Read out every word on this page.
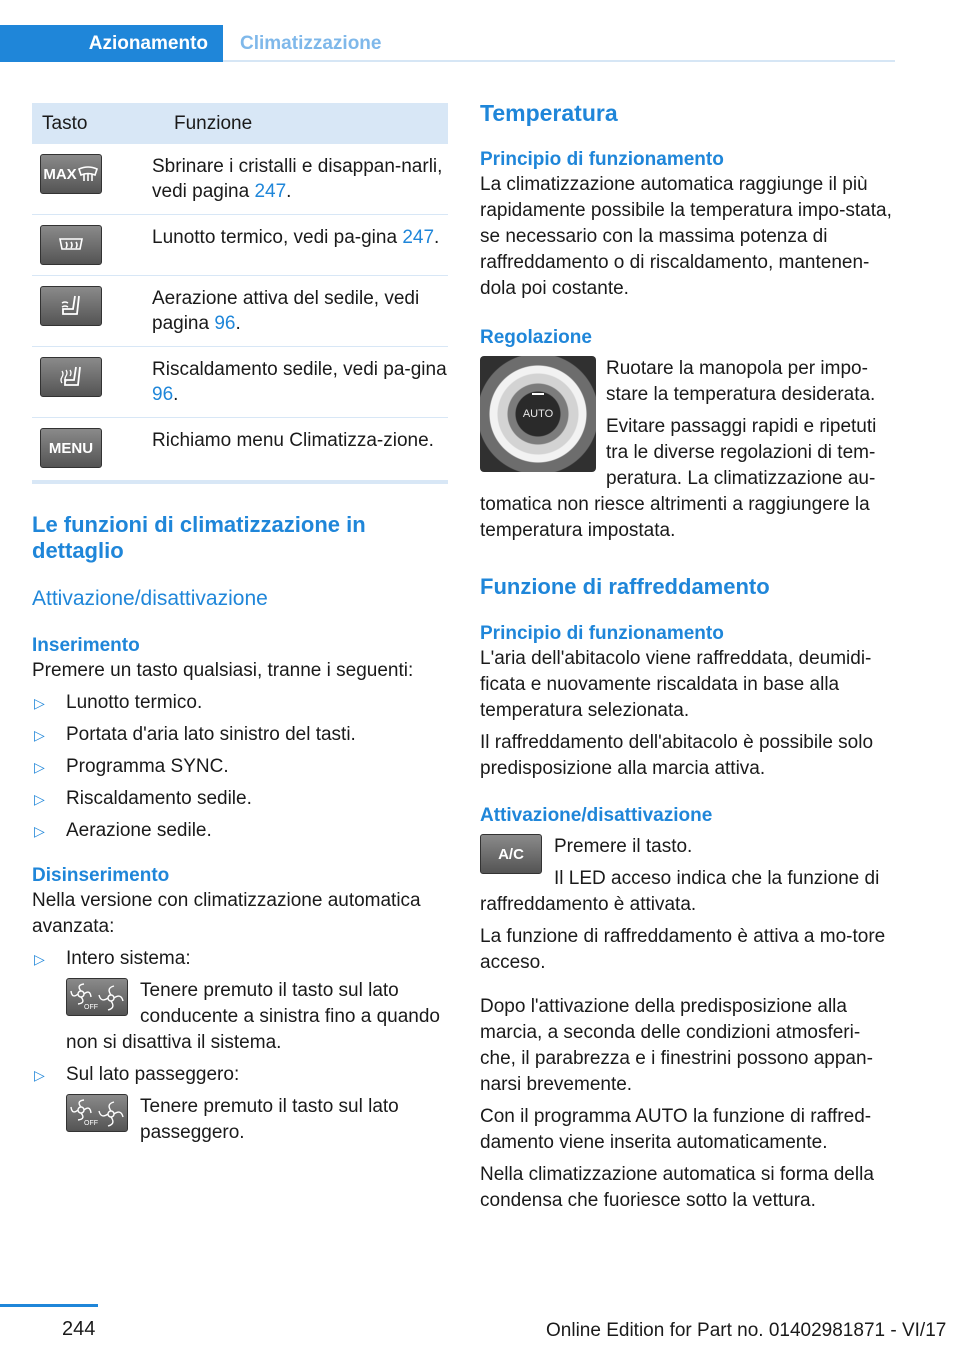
Azionamento	Climatizzazione
Tasto	Funzione

MAX	Sbrinare i cristalli e disappan-narli, vedi pagina 247.

	Lunotto termico, vedi pa-gina 247.

	Aerazione attiva del sedile, vedi pagina 96.

	Riscaldamento sedile, vedi pa-gina 96.

MENU	Richiamo menu Climatizza-zione.
Le funzioni di climatizzazione in dettaglio
Attivazione/disattivazione
Inserimento

Premere un tasto qualsiasi, tranne i seguenti:

▷ Lunotto termico.
▷ Portata d'aria lato sinistro del tasti.
▷ Programma SYNC.
▷ Riscaldamento sedile.
▷ Aerazione sedile.
Disinserimento

Nella versione con climatizzazione automatica avanzata:

▷ Intero sistema:
OFF

Tenere premuto il tasto sul lato conducente a sinistra fino a quando non si disattiva il sistema.

▷ Sul lato passeggero:
OFF

Tenere premuto il tasto sul lato passeggero.

Temperatura
Principio di funzionamento

La climatizzazione automatica raggiunge il più rapidamente possibile la temperatura impo-stata, se necessario con la massima potenza di raffreddamento o di riscaldamento, mantenen-dola poi costante.

Regolazione
AUTO

Ruotare la manopola per impo-stare la temperatura desiderata.

Evitare passaggi rapidi e ripetuti tra le diverse regolazioni di tem-peratura. La climatizzazione au-tomatica non riesce altrimenti a raggiungere la temperatura impostata.

Funzione di raffreddamento
Principio di funzionamento

L'aria dell'abitacolo viene raffreddata, deumidi-ficata e nuovamente riscaldata in base alla temperatura selezionata.

Il raffreddamento dell'abitacolo è possibile solo predisposizione alla marcia attiva.

Attivazione/disattivazione
A/C	Premere il tasto.

Il LED acceso indica che la funzione di raffreddamento è attivata.

La funzione di raffreddamento è attiva a mo-tore acceso.

Dopo l'attivazione della predisposizione alla marcia, a seconda delle condizioni atmosferi-che, il parabrezza e i finestrini possono appan-narsi brevemente.

Con il programma AUTO la funzione di raffred-damento viene inserita automaticamente.

Nella climatizzazione automatica si forma della condensa che fuoriesce sotto la vettura.

244	Online Edition for Part no. 01402981871 - VI/17
